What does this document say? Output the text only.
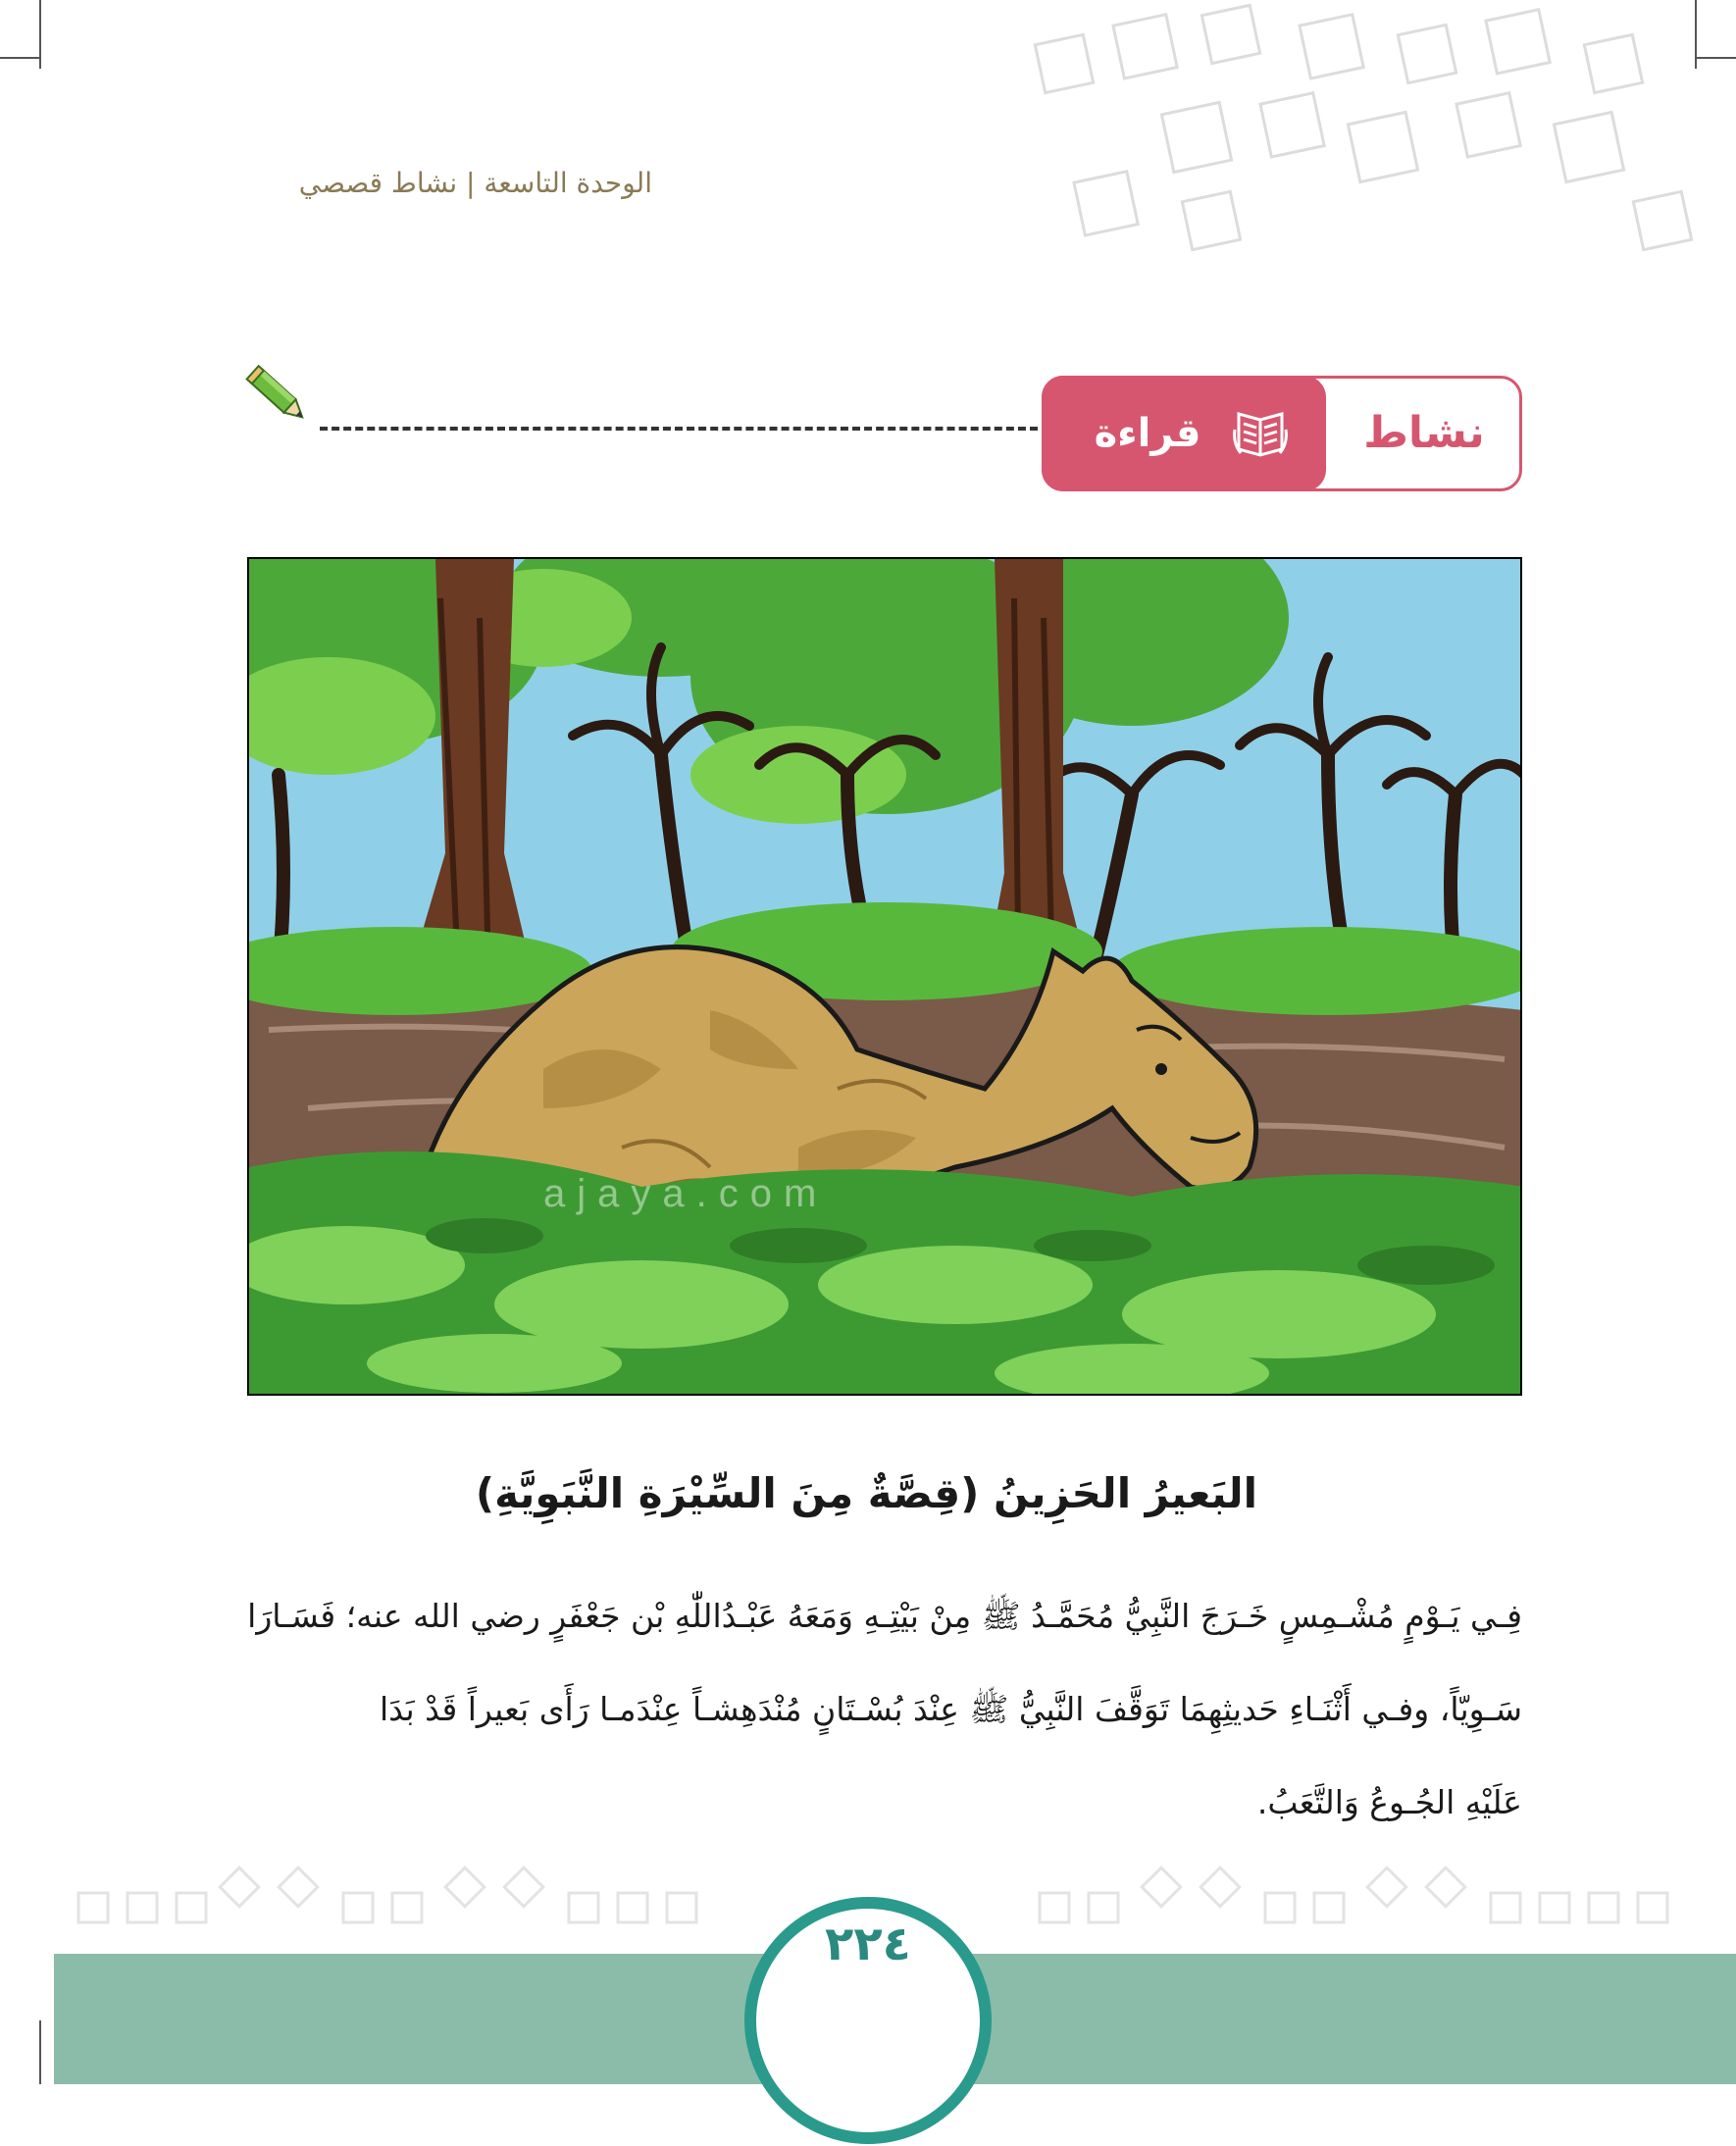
الوحدة التاسعة | نشاط قصصي
نشاط
قراءة
ajaya.com
البَعيرُ الحَزِينُ (قِصَّةٌ مِنَ السِّيْرَةِ النَّبَوِيَّةِ)
فِـي يَـوْمٍ مُشْـمِسٍ خَـرَجَ النَّبِيُّ مُحَمَّـدُ ﷺ مِنْ بَيْتِـهِ وَمَعَهُ عَبْـدُاللّٰهِ بْن جَعْفَرٍ رضي الله عنه؛ فَسَـارَا
سَـوِيّاً، وفـي أَثْنَـاءِ حَديثِهِمَا تَوَقَّفَ النَّبِيُّ ﷺ عِنْدَ بُسْـتَانٍ مُنْدَهِشـاً عِنْدَمـا رَأَى بَعيراً قَدْ بَدَا
عَلَيْهِ الجُـوعُ وَالتَّعَبُ.
٢٢٤
